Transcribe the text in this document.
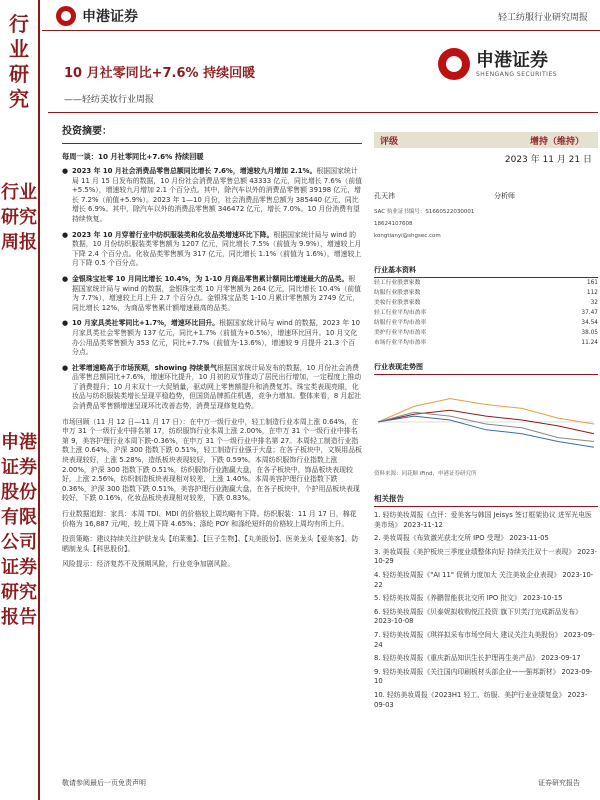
行业研究
行业研究周报
申港证券股份有限公司证券研究报告
申港证券	轻工纺服行业研究周报
10 月社零同比+7.6% 持续回暖
——轻纺美妆行业周报
申港证券
SHENGANG SECURITIES
投资摘要：
每周一谈：10 月社零同比+7.6% 持续回暖
● 2023 年 10 月社会消费品零售总额同比增长 7.6%，增速较九月增加 2.1%。根据国家统计局 11 月 15 日发布的数据，10 月份社会消费品零售总额 43333 亿元，同比增长 7.6%（前值+5.5%），增速较九月增加 2.1 个百分点。其中，除汽车以外的消费品零售额 39198 亿元，增长 7.2%（前值+5.9%）。2023 年 1—10 月份，社会消费品零售总额为 385440 亿元，同比增长 6.9%。其中，除汽车以外的消费品零售额 346472 亿元，增长 7.0%。10 月份消费有望持续恢复。
● 2023 年 10 月穿着行业中纺织服装类和化妆品类增速环比下降。根据国家统计局与 wind 的数据，10 月份纺织服装类零售额为 1207 亿元，同比增长 7.5%（前值为 9.9%），增速较上月下降 2.4 个百分点。化妆品类零售额为 317 亿元，同比增长 1.1%（前值为 1.6%），增速较上月下降 0.5 个百分点。
● 金银珠宝社零 10 月同比增长 10.4%，为 1-10 月商品零售累计额同比增速最大的品类。根据国家统计局与 wind 的数据，金银珠宝类 10 月零售额为 264 亿元，同比增长 10.4%（前值为 7.7%），增速较上月上升 2.7 个百分点。金银珠宝品类 1-10 月累计零售额为 2749 亿元，同比增长 12%，为商品零售累计额增速最高的品类。
● 10 月家具类社零同比+1.7%，增速环比回升。根据国家统计局与 wind 的数据，2023 年 10 月家具类社会零售额为 137 亿元，同比+1.7%（前值为+0.5%），增速环比回升。10 月文化办公用品类零售额为 353 亿元，同比+7.7%（前值为-13.6%），增速较 9 月提升 21.3 个百分点。
● 社零增速略高于市场预期，showing 持续景气根据国家统计局发布的数据，10 月份社会消费品零售总额同比+7.6%，增速环比提升，10 月初的双节推动了居民出行增加，一定程度上推动了消费提升；10 月末双十一大促销量，驱动网上零售额提升和消费复苏。珠宝类表现亮眼，化妆品与纺织服装类增长呈现平稳趋势，但国货品牌抓住机遇，竞争力增加。整体来看，8 月起社会消费品零售额增速呈现环比改善态势，消费呈现修复趋势。

市场回顾（11 月 12 日—11 月 17 日）：在中万一级行业中，轻工制造行业本周上涨 0.64%，在申万 31 个一级行业中排名第 17，纺织服饰行业本周上涨 2.00%，在申万 31 个一级行业中排名第 9，美容护理行业本周下跌-0.36%，在申万 31 个一级行业中排名第 27。本周轻工制造行业指数上涨 0.64%，沪深 300 指数下跌 0.51%，轻工制造行业强于大盘；在各子板块中，文娱用品板块表现较好，上涨 5.28%，造纸板块表现较好，下跌 0.59%。本周纺织服饰行业指数上涨 2.00%，沪深 300 指数下跌 0.51%，纺织服饰行业跑赢大盘，在各子板块中，饰品板块表现较好，上涨 2.56%，纺织制造板块表现相对较差，上涨 1.40%。本周美容护理行业指数下跌 0.36%，沪深 300 指数下跌 0.51%，美容护理行业跑赢大盘，在各子板块中，个护用品板块表现较好，下跌 0.16%，化妆品板块表现相对较差，下跌 0.83%。

行业数据追踪：家具：本周 TDI、MDI 的价格较上周均略有下降。纺织服装：11 月 17 日，棉花价格为 16,887 元/吨，较上周下降 4.65%；涤纶 POY 和涤纶短纤的价格较上周均有所上升。

投资策略：建议持续关注护肤龙头【珀莱雅】、【巨子生物】、【丸美股份】、医美龙头【爱美客】、防晒制龙头【科思股份】。

风险提示：经济复苏不及预期风险，行业竞争加剧风险。

评级	增持（维持）
2023 年 11 月 21 日
孔天祎	分析师
SAC 执业证书编号：S1660522030001
18624107608
kongtianyi@shgsec.com
行业基本资料
轻工行业股票家数	161
纺服行业股票家数	112
美妆行业股票家数	32
轻工行业平均市盈率	37.47
纺服行业平均市盈率	34.54
美护行业平均市盈率	38.05
市场行业平均市盈率	11.24
行业表现走势图
资料来源：同花顺 iFind，申港证券研究所
相关报告
1. 轻纺美妆周报《点评：爱美客与韩国 Jeisys 签订框架协议 进军光电医美市场》 2023-11-12
2. 美妆周报《布致激光获北交所 IPO 受理》 2023-11-05
3. 美妆周报《美护板块三季度业绩整体向好 持续关注双十一表现》 2023-10-29
4. 轻纺美妆周报《"AI 11" 促销力度加大 关注美妆企业表现》 2023-10-22
5. 轻纺美妆周报《养鹏智能获北交所 IPO 批文》 2023-10-15
6. 轻纺美妆周报《贝泰妮拟收购悦江投资 旗下贝芙汀完成新品发布》 2023-10-08
7. 轻纺美妆周报《琪祥拟采布市场空间大 建议关注丸美股份》 2023-09-24
8. 轻纺美妆周报《重庆新品知识生长护理再生美产品》 2023-09-17
9. 轻纺美妆周报《关注国内印刷板材头部企业——强邦新材》 2023-09-10
10. 轻纺美妆周报《2023H1 轻工、纺服、美护行业业绩复盘》 2023-09-03
敬请参阅最后一页免责声明	证券研究报告
